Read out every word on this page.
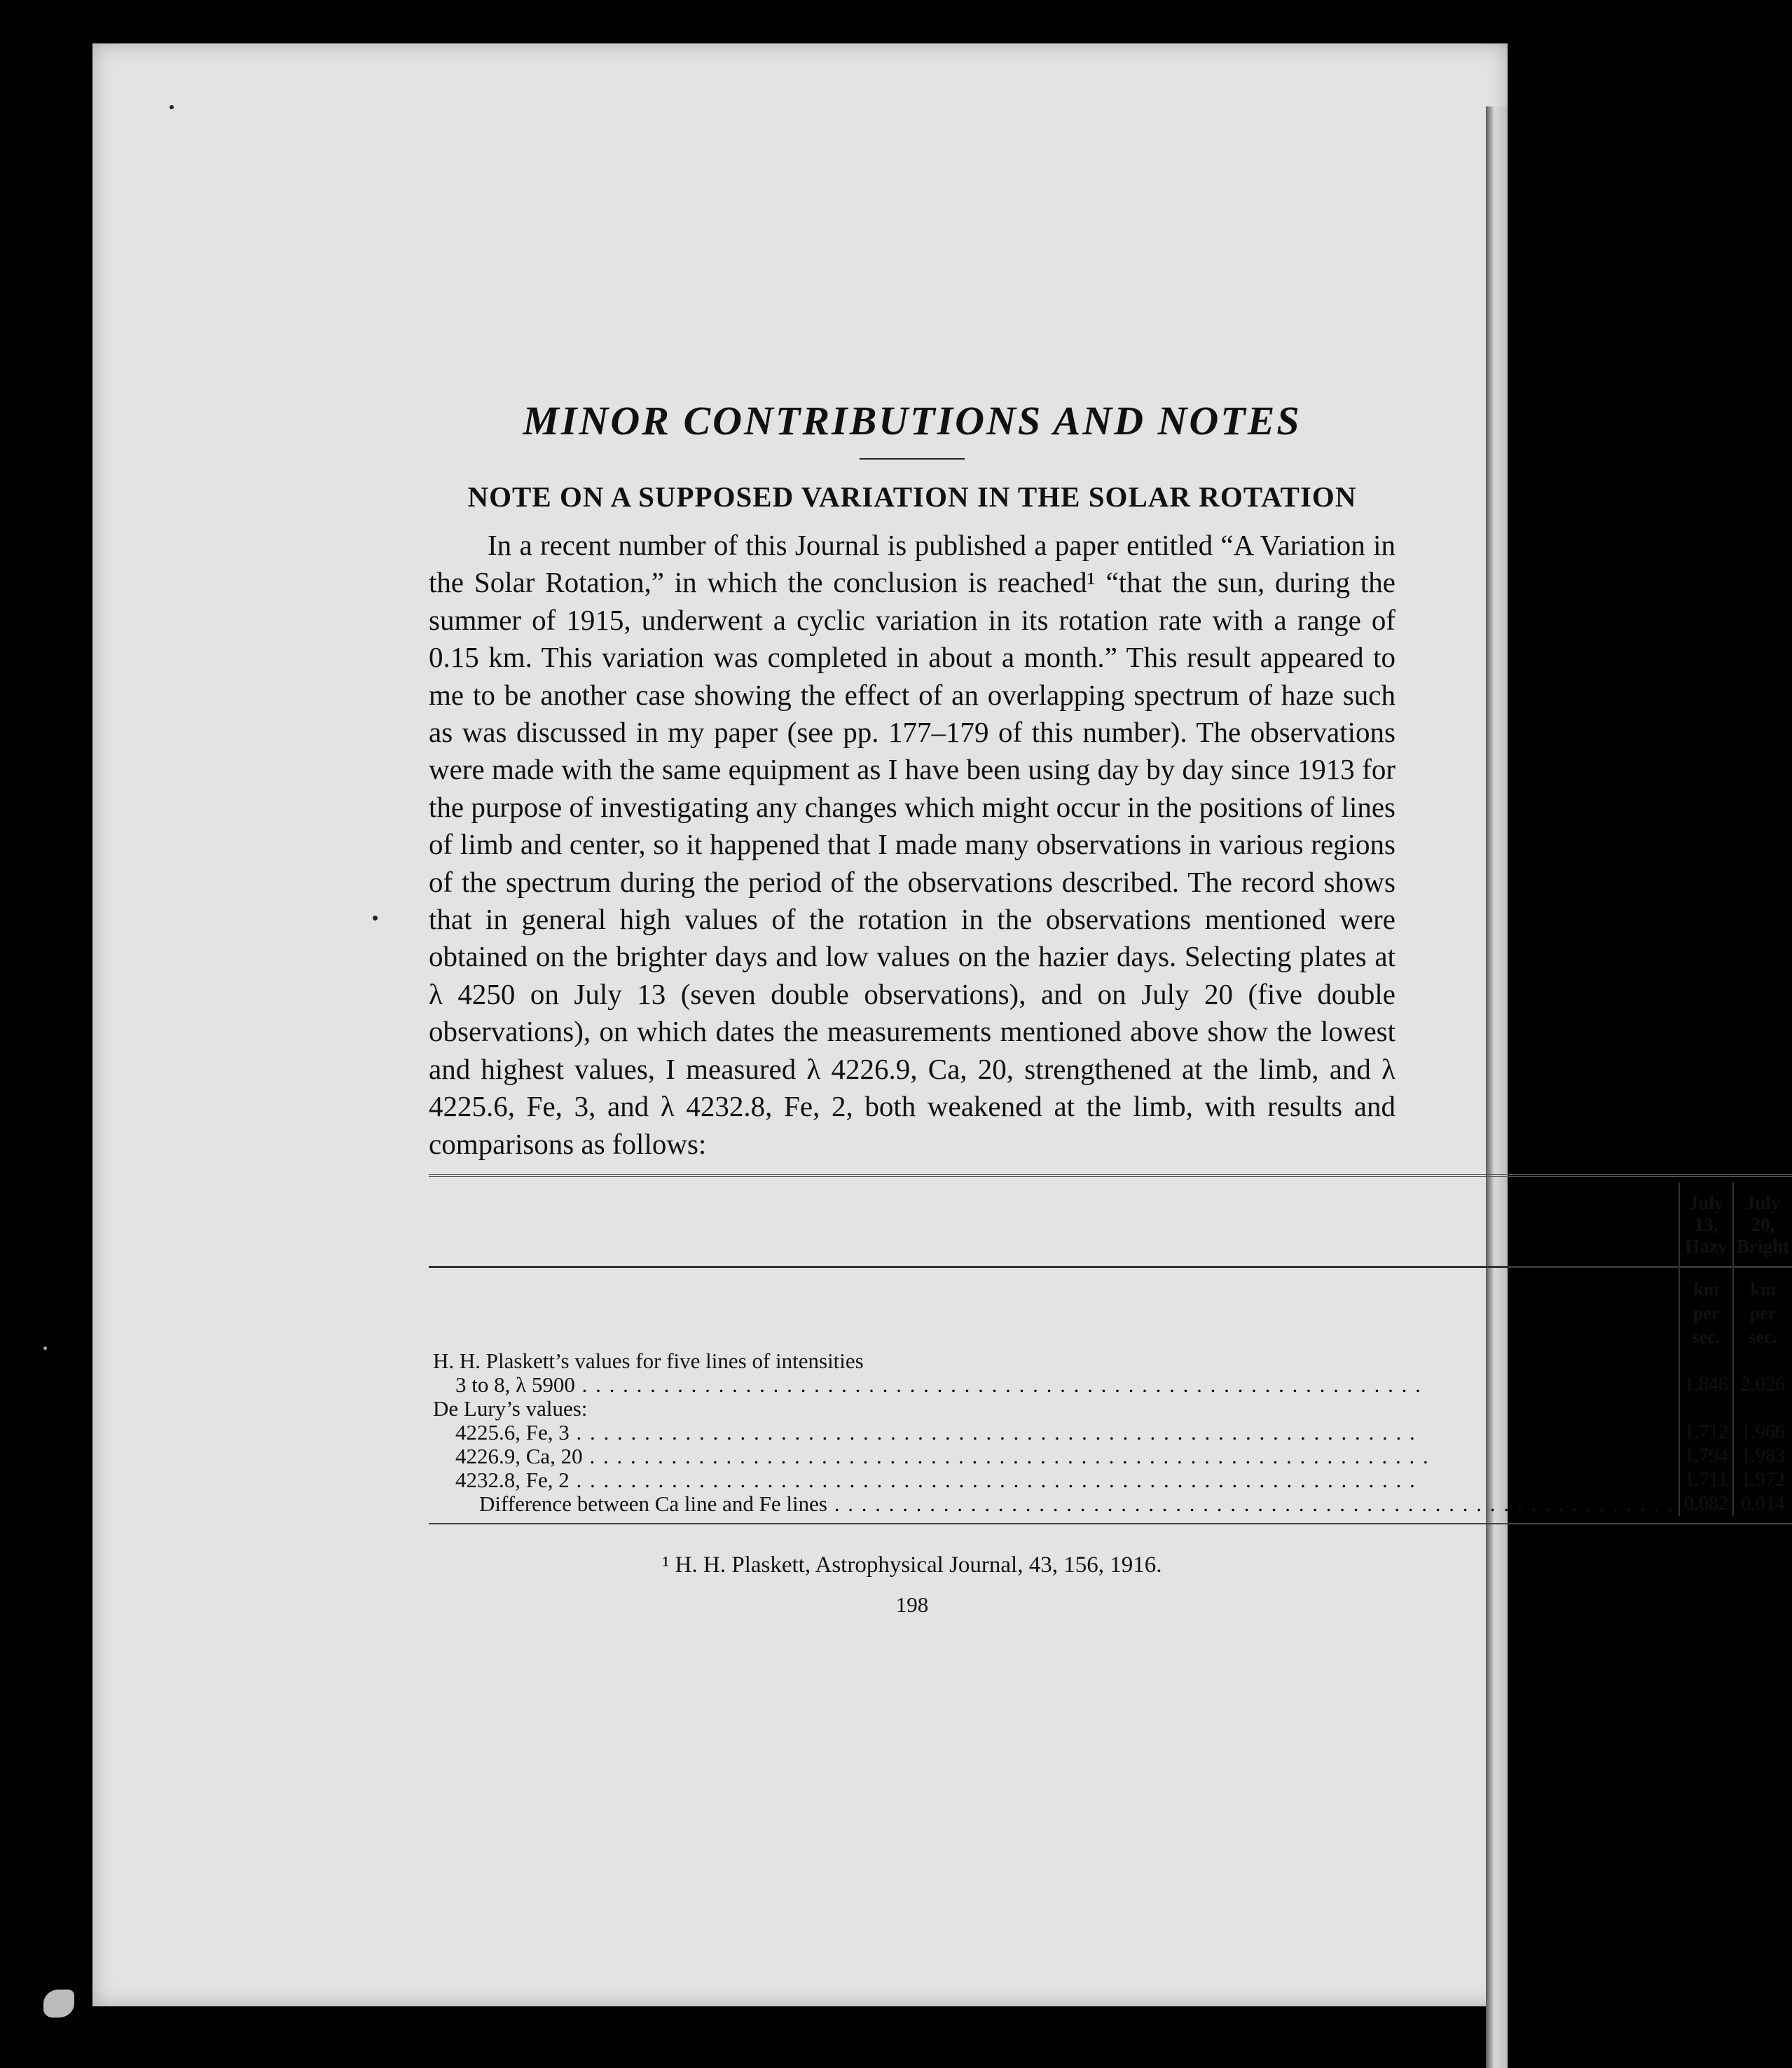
MINOR CONTRIBUTIONS AND NOTES
NOTE ON A SUPPOSED VARIATION IN THE SOLAR ROTATION

In a recent number of this Journal is published a paper entitled “A Variation in the Solar Rotation,” in which the conclusion is reached¹ “that the sun, during the summer of 1915, underwent a cyclic variation in its rotation rate with a range of 0.15 km. This variation was completed in about a month.” This result appeared to me to be another case showing the effect of an overlapping spectrum of haze such as was discussed in my paper (see pp. 177–179 of this number). The observations were made with the same equipment as I have been using day by day since 1913 for the purpose of investigating any changes which might occur in the positions of lines of limb and center, so it happened that I made many observations in various regions of the spectrum during the period of the observations described. The record shows that in general high values of the rotation in the observations mentioned were obtained on the brighter days and low values on the hazier days. Selecting plates at λ 4250 on July 13 (seven double observations), and on July 20 (five double observations), on which dates the measurements mentioned above show the lowest and highest values, I measured λ 4226.9, Ca, 20, strengthened at the limb, and λ 4225.6, Fe, 3, and λ 4232.8, Fe, 2, both weakened at the limb, with results and comparisons as follows:

	July 13, Hazy	July 20, Bright
	km per sec.	km per sec.

H. H. Plaskett’s values for five lines of intensities
3 to 8, λ 5900 . . .	1.846	2.026

De Lury’s values:		

4225.6, Fe, 3 . . .	1.712	1.966

4226.9, Ca, 20 . . .	1.794	1.983

4232.8, Fe, 2 . . .	1.711	1.972

Difference between Ca line and Fe lines . . .	0.082	0.014

¹ H. H. Plaskett, Astrophysical Journal, 43, 156, 1916.
198
